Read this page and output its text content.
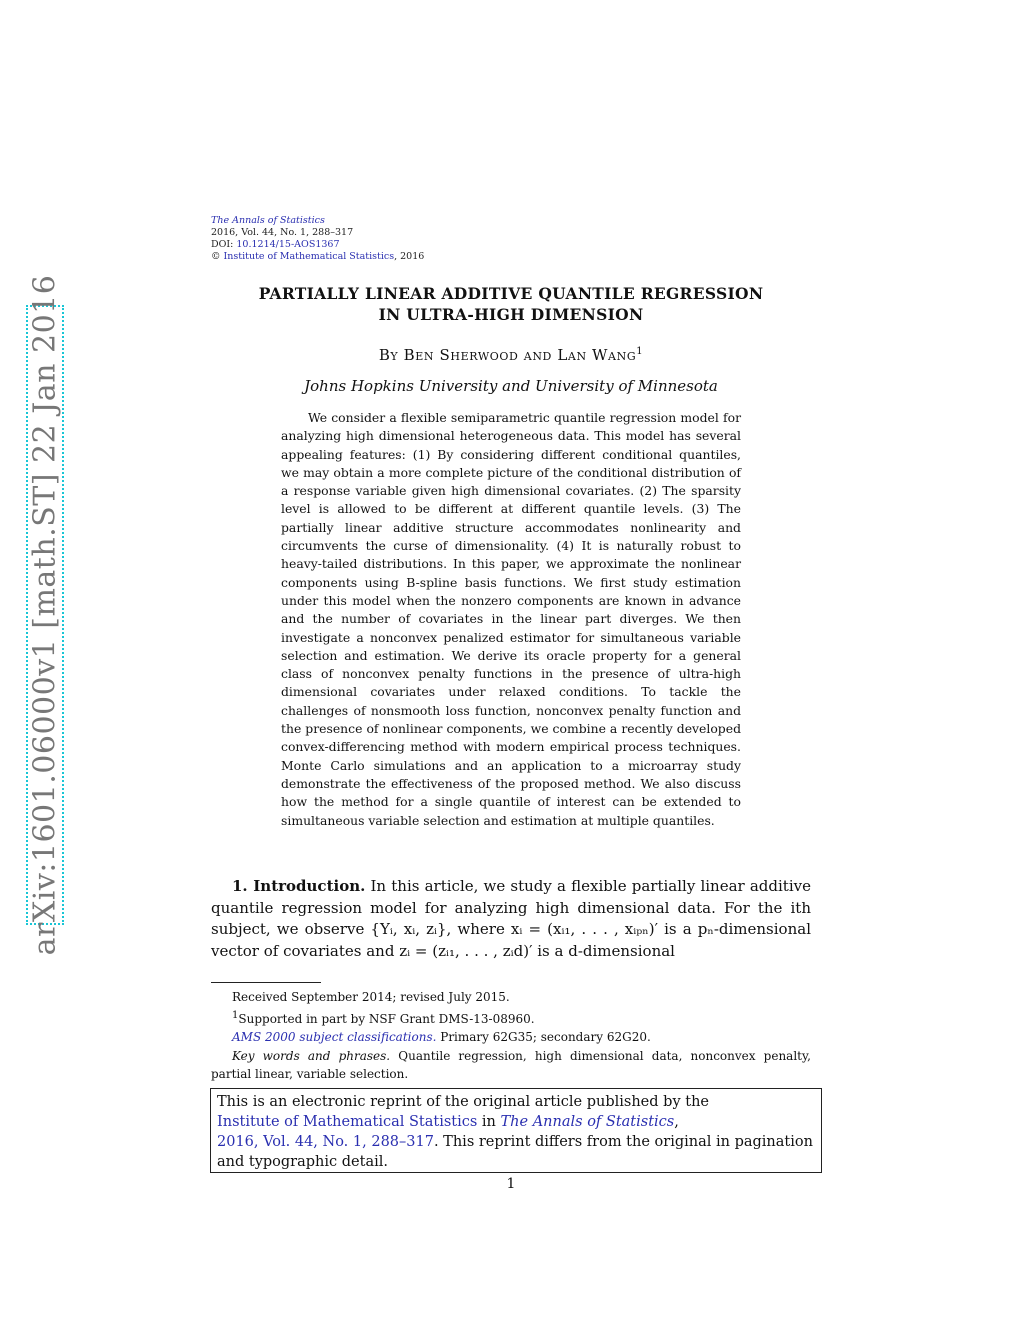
arXiv:1601.06000v1 [math.ST] 22 Jan 2016
The Annals of Statistics
2016, Vol. 44, No. 1, 288–317
DOI: 10.1214/15-AOS1367
© Institute of Mathematical Statistics, 2016
PARTIALLY LINEAR ADDITIVE QUANTILE REGRESSION
IN ULTRA-HIGH DIMENSION
By Ben Sherwood and Lan Wang$^1$
Johns Hopkins University and University of Minnesota
We consider a flexible semiparametric quantile regression model for analyzing high dimensional heterogeneous data. This model has several appealing features: (1) By considering different conditional quantiles, we may obtain a more complete picture of the conditional distribution of a response variable given high dimensional covariates. (2) The sparsity level is allowed to be different at different quantile levels. (3) The partially linear additive structure accommodates nonlinearity and circumvents the curse of dimensionality. (4) It is naturally robust to heavy-tailed distributions. In this paper, we approximate the nonlinear components using B-spline basis functions. We first study estimation under this model when the nonzero components are known in advance and the number of covariates in the linear part diverges. We then investigate a nonconvex penalized estimator for simultaneous variable selection and estimation. We derive its oracle property for a general class of nonconvex penalty functions in the presence of ultra-high dimensional covariates under relaxed conditions. To tackle the challenges of nonsmooth loss function, nonconvex penalty function and the presence of nonlinear components, we combine a recently developed convex-differencing method with modern empirical process techniques. Monte Carlo simulations and an application to a microarray study demonstrate the effectiveness of the proposed method. We also discuss how the method for a single quantile of interest can be extended to simultaneous variable selection and estimation at multiple quantiles.
1. Introduction. In this article, we study a flexible partially linear additive quantile regression model for analyzing high dimensional data. For the ith subject, we observe {Yᵢ, xᵢ, zᵢ}, where xᵢ = (xᵢ₁, . . . , xᵢₚₙ)′ is a pₙ-dimensional vector of covariates and zᵢ = (zᵢ₁, . . . , zᵢd)′ is a d-dimensional

Received September 2014; revised July 2015.

$^1$Supported in part by NSF Grant DMS-13-08960.

AMS 2000 subject classifications. Primary 62G35; secondary 62G20.

Key words and phrases. Quantile regression, high dimensional data, nonconvex penalty, partial linear, variable selection.

This is an electronic reprint of the original article published by the
Institute of Mathematical Statistics in The Annals of Statistics,
2016, Vol. 44, No. 1, 288–317. This reprint differs from the original in pagination and typographic detail.
1
